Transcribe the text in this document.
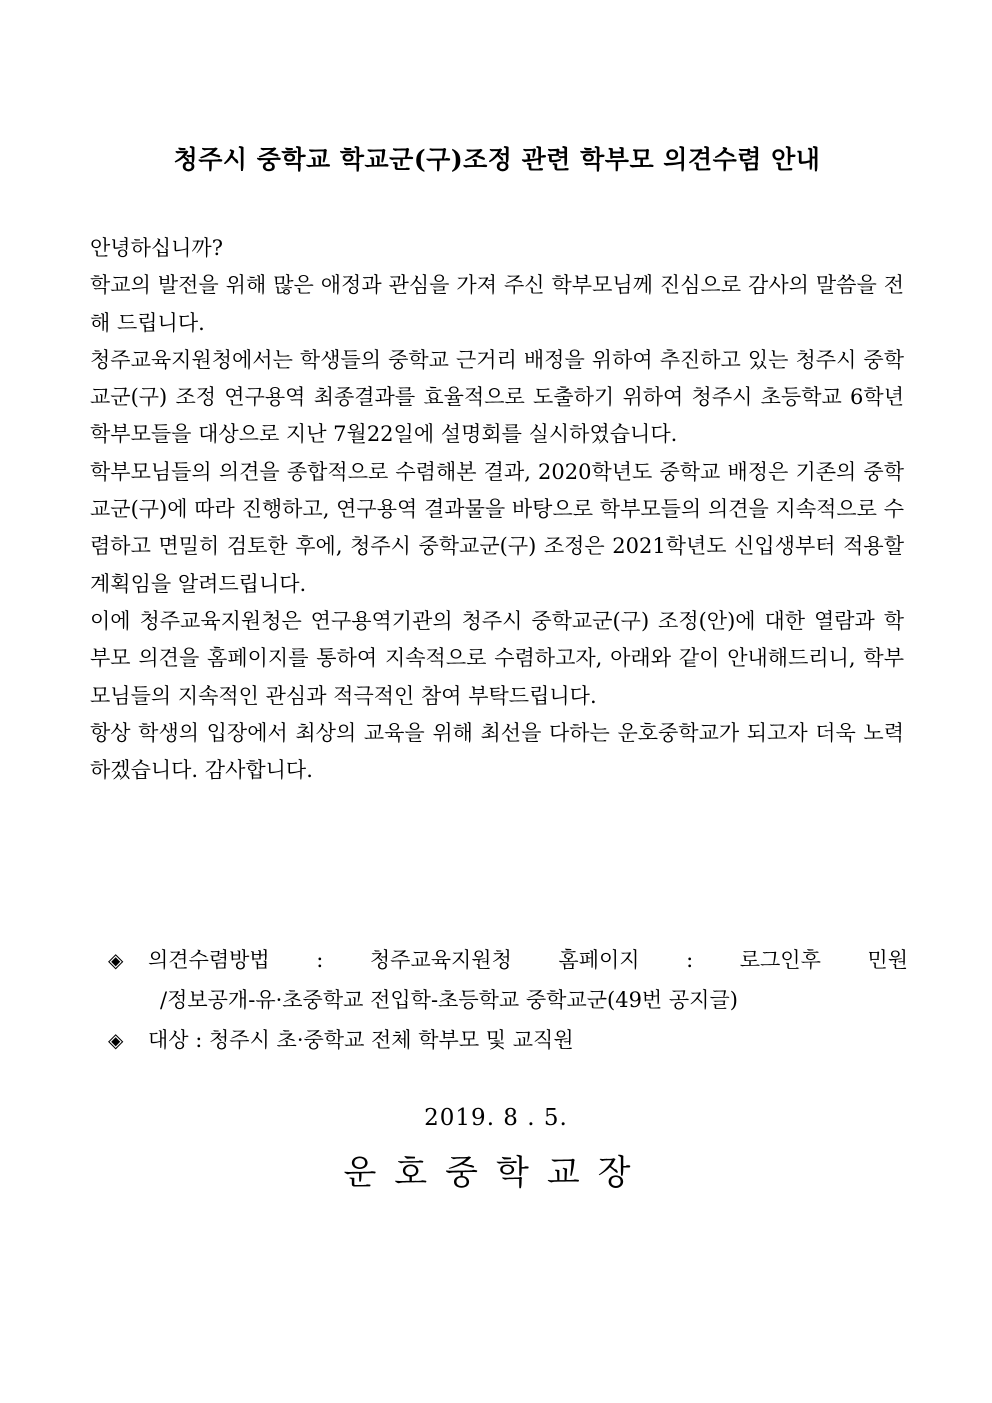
청주시 중학교 학교군(구)조정 관련 학부모 의견수렴 안내

안녕하십니까?

학교의 발전을 위해 많은 애정과 관심을 가져 주신 학부모님께 진심으로 감사의 말씀을 전해 드립니다.

청주교육지원청에서는 학생들의 중학교 근거리 배정을 위하여 추진하고 있는 청주시 중학교군(구) 조정 연구용역 최종결과를 효율적으로 도출하기 위하여 청주시 초등학교 6학년 학부모들을 대상으로 지난 7월22일에 설명회를 실시하였습니다.

학부모님들의 의견을 종합적으로 수렴해본 결과, 2020학년도 중학교 배정은 기존의 중학교군(구)에 따라 진행하고, 연구용역 결과물을 바탕으로 학부모들의 의견을 지속적으로 수렴하고 면밀히 검토한 후에, 청주시 중학교군(구) 조정은 2021학년도 신입생부터 적용할 계획임을 알려드립니다.

이에 청주교육지원청은 연구용역기관의 청주시 중학교군(구) 조정(안)에 대한 열람과 학부모 의견을 홈페이지를 통하여 지속적으로 수렴하고자, 아래와 같이 안내해드리니, 학부모님들의 지속적인 관심과 적극적인 참여 부탁드립니다.

항상 학생의 입장에서 최상의 교육을 위해 최선을 다하는 운호중학교가 되고자 더욱 노력하겠습니다. 감사합니다.

◈	의견수렴방법 : 청주교육지원청 홈페이지 : 로그인후 민원
/정보공개-유·초중학교 전입학-초등학교 중학교군(49번 공지글)
◈	대상 : 청주시 초·중학교 전체 학부모 및 교직원
2019. 8 . 5.
운호중학교장
